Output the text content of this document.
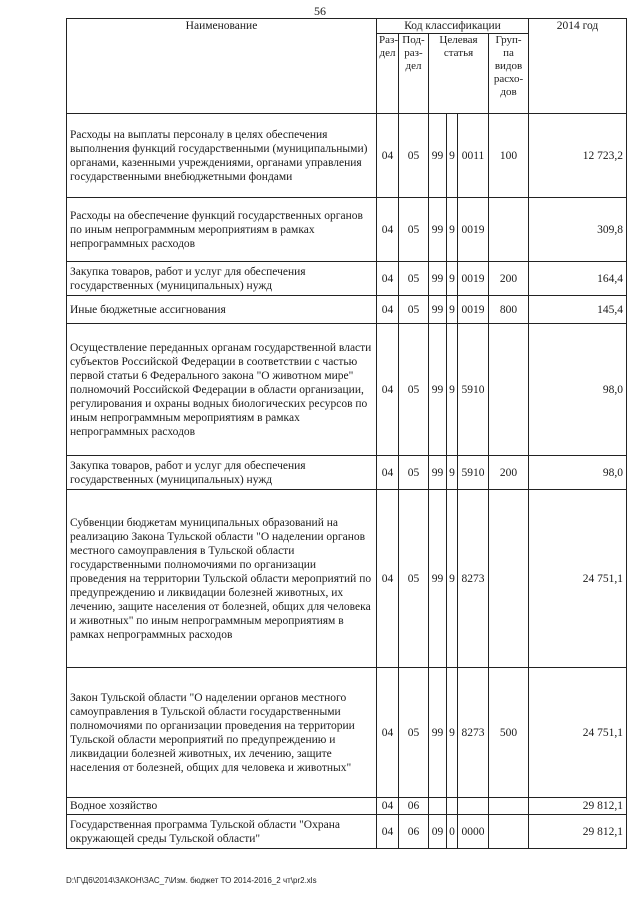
56
Наименование	Код классификации						2014 год
	Раз-дел	Под-раз-дел	Целевая статья			Груп-па видов расхо-дов	
Расходы на выплаты персоналу в целях обеспечения выполнения функций государственными (муниципальными) органами, казенными учреждениями, органами управления государственными внебюджетными фондами	04	05	99	9	0011	100	12 723,2
Расходы на обеспечение функций государственных органов по иным непрограммным мероприятиям в рамках непрограммных расходов	04	05	99	9	0019		309,8
Закупка товаров, работ и услуг для обеспечения государственных (муниципальных) нужд	04	05	99	9	0019	200	164,4
Иные бюджетные ассигнования	04	05	99	9	0019	800	145,4
Осуществление переданных органам государственной власти субъектов Российской Федерации в соответствии с частью первой статьи 6 Федерального закона "О животном мире" полномочий Российской Федерации в области организации, регулирования и охраны водных биологических ресурсов по иным непрограммным мероприятиям в рамках непрограммных расходов	04	05	99	9	5910		98,0
Закупка товаров, работ и услуг для обеспечения государственных (муниципальных) нужд	04	05	99	9	5910	200	98,0
Субвенции бюджетам муниципальных образований на реализацию Закона Тульской области "О наделении органов местного самоуправления в Тульской области государственными полномочиями по организации проведения на территории Тульской области мероприятий по предупреждению и ликвидации болезней животных, их лечению, защите населения от болезней, общих для человека и животных" по иным непрограммным мероприятиям в рамках непрограммных расходов	04	05	99	9	8273		24 751,1
Закон Тульской области "О наделении органов местного самоуправления в Тульской области государственными полномочиями по организации проведения на территории Тульской области мероприятий по предупреждению и ликвидации болезней животных, их лечению, защите населения от болезней, общих для человека и животных"	04	05	99	9	8273	500	24 751,1
Водное хозяйство	04	06					29 812,1
Государственная программа Тульской области "Охрана окружающей среды Тульской области"	04	06	09	0	0000		29 812,1
D:\Г\Д6\2014\ЗАКОН\ЗАС_7\Изм. бюджет ТО 2014-2016_2 чт\pr2.xls
